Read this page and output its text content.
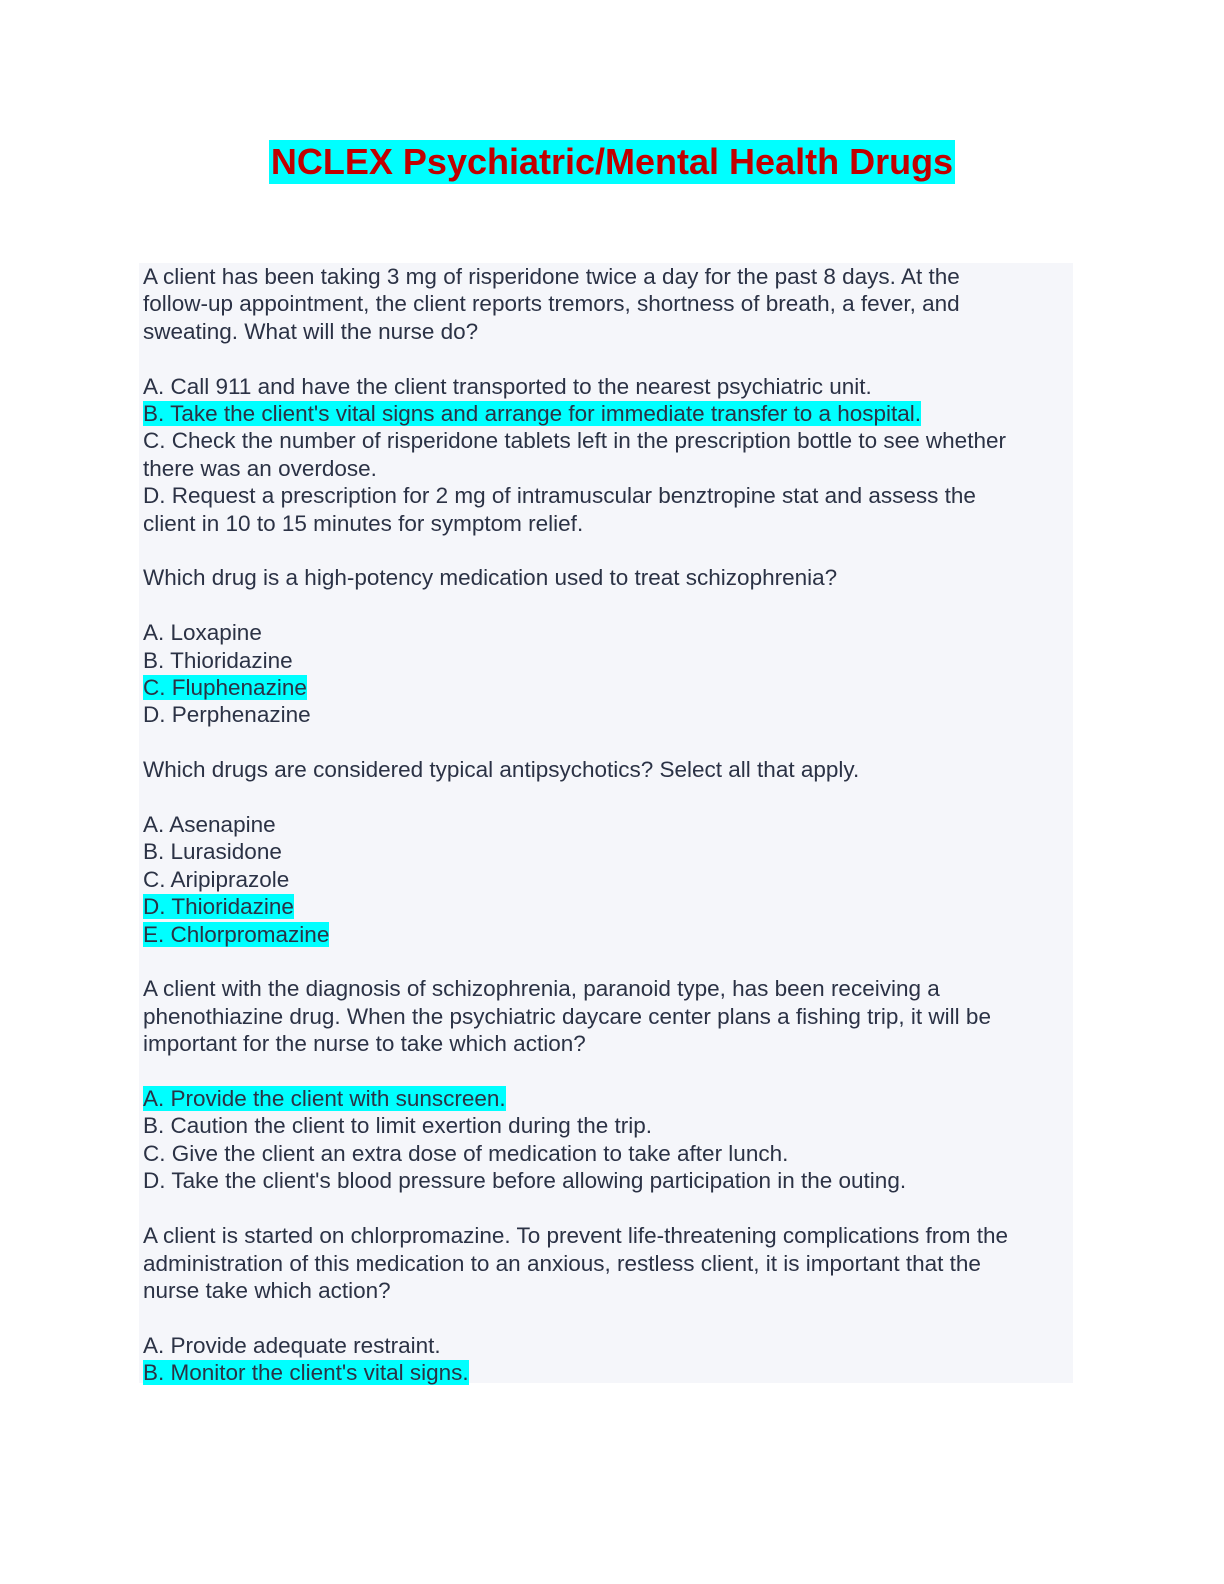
NCLEX Psychiatric/Mental Health Drugs
A client has been taking 3 mg of risperidone twice a day for the past 8 days. At the
follow-up appointment, the client reports tremors, shortness of breath, a fever, and
sweating. What will the nurse do?
A. Call 911 and have the client transported to the nearest psychiatric unit.
B. Take the client's vital signs and arrange for immediate transfer to a hospital.
C. Check the number of risperidone tablets left in the prescription bottle to see whether
there was an overdose.
D. Request a prescription for 2 mg of intramuscular benztropine stat and assess the
client in 10 to 15 minutes for symptom relief.
Which drug is a high-potency medication used to treat schizophrenia?
A. Loxapine
B. Thioridazine
C. Fluphenazine
D. Perphenazine
Which drugs are considered typical antipsychotics? Select all that apply.
A. Asenapine
B. Lurasidone
C. Aripiprazole
D. Thioridazine
E. Chlorpromazine
A client with the diagnosis of schizophrenia, paranoid type, has been receiving a
phenothiazine drug. When the psychiatric daycare center plans a fishing trip, it will be
important for the nurse to take which action?
A. Provide the client with sunscreen.
B. Caution the client to limit exertion during the trip.
C. Give the client an extra dose of medication to take after lunch.
D. Take the client's blood pressure before allowing participation in the outing.
A client is started on chlorpromazine. To prevent life-threatening complications from the
administration of this medication to an anxious, restless client, it is important that the
nurse take which action?
A. Provide adequate restraint.
B. Monitor the client's vital signs.
